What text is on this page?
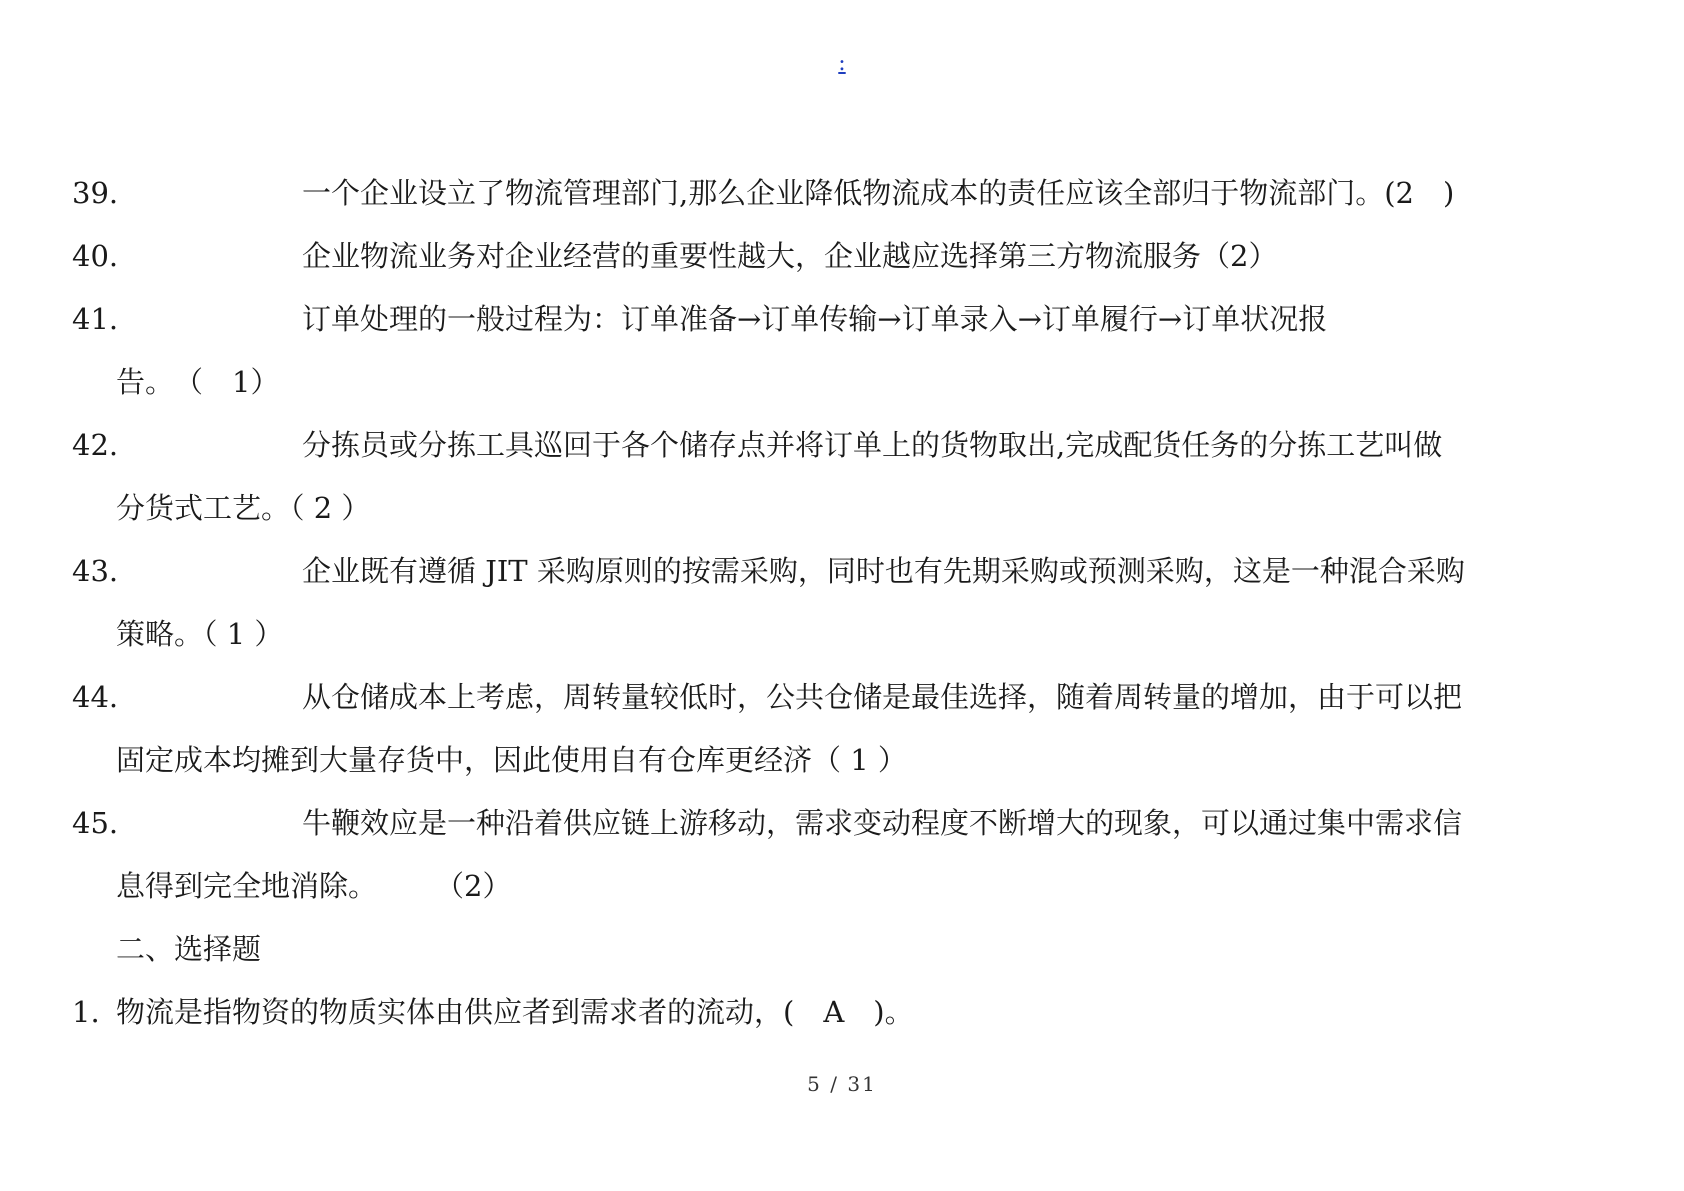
:
39.	一个企业设立了物流管理部门,那么企业降低物流成本的责任应该全部归于物流部门。(2　)
40.	企业物流业务对企业经营的重要性越大，企业越应选择第三方物流服务（2）
41.	订单处理的一般过程为：订单准备→订单传输→订单录入→订单履行→订单状况报
告。　（　1）
42.	分拣员或分拣工具巡回于各个储存点并将订单上的货物取出,完成配货任务的分拣工艺叫做
分货式工艺。（ 2 ）
43.	企业既有遵循 JIT 采购原则的按需采购，同时也有先期采购或预测采购，这是一种混合采购
策略。（ 1 ）
44.	从仓储成本上考虑，周转量较低时，公共仓储是最佳选择，随着周转量的增加，由于可以把
固定成本均摊到大量存货中，因此使用自有仓库更经济（ 1 ）
45.	牛鞭效应是一种沿着供应链上游移动，需求变动程度不断增大的现象，可以通过集中需求信
息得到完全地消除。　　　（2）
二、选择题
1. 物流是指物资的物质实体由供应者到需求者的流动，(　A　)。
5 / 31
